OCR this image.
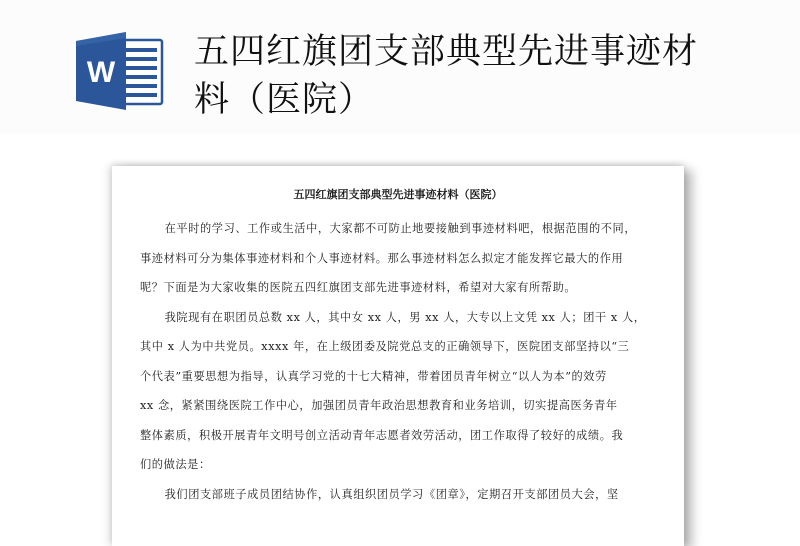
W
五四红旗团支部典型先进事迹材
料（医院）
五四红旗团支部典型先进事迹材料（医院）
在平时的学习、工作或生活中，大家都不可防止地要接触到事迹材料吧，根据范围的不同，
事迹材料可分为集体事迹材料和个人事迹材料。那么事迹材料怎么拟定才能发挥它最大的作用
呢？下面是为大家收集的医院五四红旗团支部先进事迹材料，希望对大家有所帮助。
我院现有在职团员总数 xx 人，其中女 xx 人，男 xx 人，大专以上文凭 xx 人；团干 x 人，
其中 x 人为中共党员。xxxx 年，在上级团委及院党总支的正确领导下，医院团支部坚持以“三
个代表”重要思想为指导，认真学习党的十七大精神，带着团员青年树立“以人为本”的效劳
xx 念，紧紧围绕医院工作中心，加强团员青年政治思想教育和业务培训，切实提高医务青年
整体素质，积极开展青年文明号创立活动青年志愿者效劳活动，团工作取得了较好的成绩。我
们的做法是：
我们团支部班子成员团结协作，认真组织团员学习《团章》，定期召开支部团员大会，坚
